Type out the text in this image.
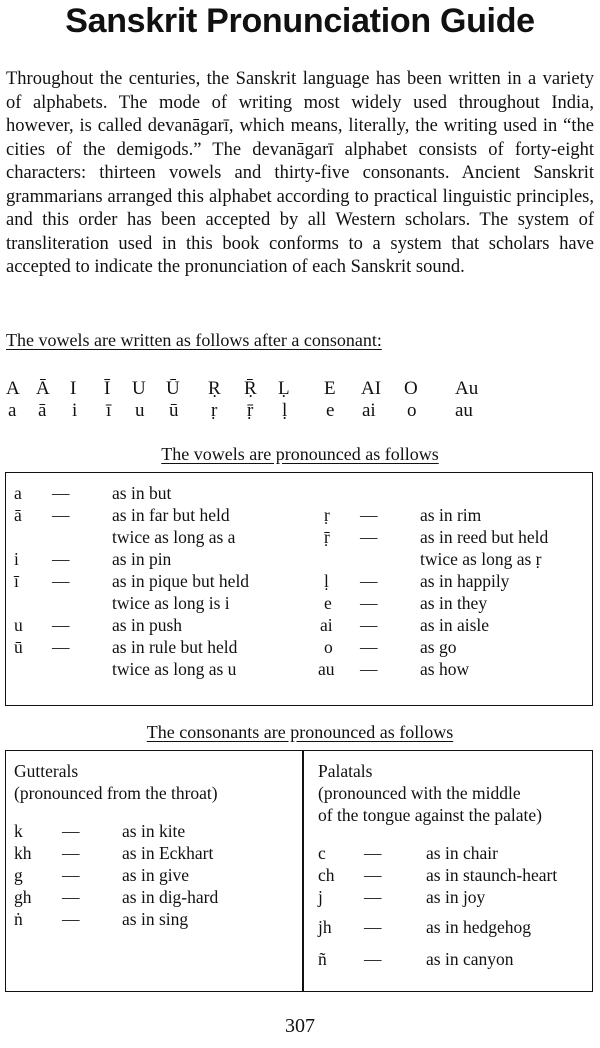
Sanskrit Pronunciation Guide
Throughout the centuries, the Sanskrit language has been written in a variety of alphabets. The mode of writing most widely used throughout India, however, is called devanāgarī, which means, literally, the writing used in “the cities of the demigods.” The devanāgarī alphabet consists of forty-eight characters: thirteen vowels and thirty-five consonants. Ancient Sanskrit grammarians arranged this alphabet according to practical linguistic principles, and this order has been accepted by all Western scholars. The system of transliteration used in this book conforms to a system that scholars have accepted to indicate the pronunciation of each Sanskrit sound.
The vowels are written as follows after a consonant:
A Ā I Ī U Ū Ṛ Ṝ Ḷ E AI O Au
a ā i ī u ū ṛ ṝ ḷ e ai o au
The vowels are pronounced as follows
a — as in but
ā — as in far but held
twice as long as a
i — as in pin
ī — as in pique but held
twice as long is i
u — as in push
ū — as in rule but held
twice as long as u
ṛ — as in rim
ṝ — as in reed but held
twice as long as ṛ
ḷ — as in happily
e — as in they
ai — as in aisle
o — as go
au — as how
The consonants are pronounced as follows
Gutterals
(pronounced from the throat)
k — as in kite
kh — as in Eckhart
g — as in give
gh — as in dig-hard
ṅ — as in sing
Palatals
(pronounced with the middle
of the tongue against the palate)
c —	as in chair
ch —	as in staunch-heart
j —	as in joy
jh —	as in hedgehog
ñ —	as in canyon
307
